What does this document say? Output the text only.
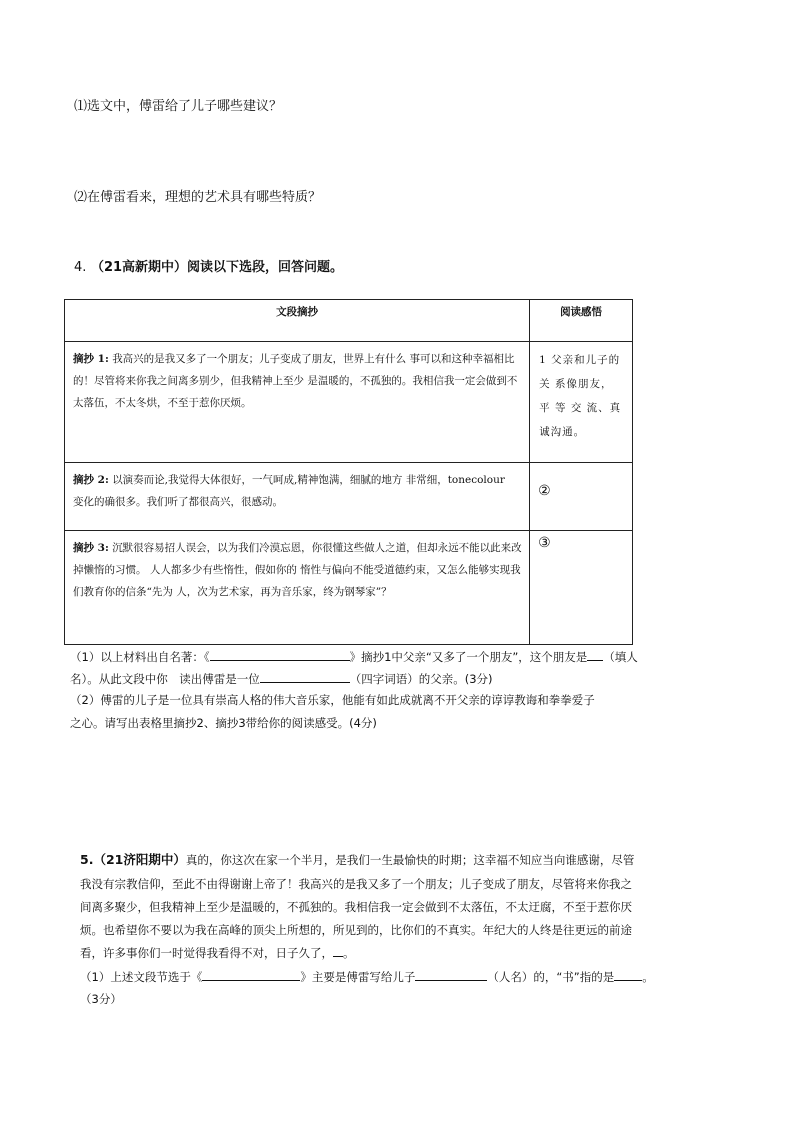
⑴选文中，傅雷给了儿子哪些建议？
⑵在傅雷看来，理想的艺术具有哪些特质？
4. （21高新期中）阅读以下选段，回答问题。
文段摘抄	阅读感悟

摘抄 1: 我高兴的是我又多了一个朋友；儿子变成了朋友，世界上有什么 事可以和这种幸福相比的！尽管将来你我之间离多别少，但我精神上至少 是温暖的，不孤独的。我相信我一定会做到不太落伍，不太冬烘，不至于惹你厌烦。	1 父亲和儿子的关 系像朋友， 平 等 交 流、真诚沟通。

摘抄 2: 以演奏而论,我觉得大体很好，一气呵成,精神饱满，细腻的地方 非常细，tonecolour　变化的确很多。我们听了都很高兴，很感动。	②

摘抄 3: 沉默很容易招人误会，以为我们冷漠忘恩，你很懂这些做人之道，但却永远不能以此来改掉懒惰的习惯。 人人都多少有些惰性，假如你的 惰性与偏向不能受道德约束，又怎么能够实现我们教育你的信条“先为 人，次为艺术家，再为音乐家，终为钢琴家”？	③
（1）以上材料出自名著：《	》摘抄1中父亲“又多了一个朋友”，这个朋友是 （填人
名）。从此文段中你　读出傅雷是一位	（四字词语）的父亲。(3分)
（2）傅雷的儿子是一位具有崇高人格的伟大音乐家，他能有如此成就离不开父亲的谆谆教诲和拳拳爱子
之心。请写出表格里摘抄2、摘抄3带给你的阅读感受。(4分)
5.（21济阳期中）真的，你这次在家一个半月，是我们一生最愉快的时期；这幸福不知应当向谁感谢，尽管
我没有宗教信仰，至此不由得谢谢上帝了！我高兴的是我又多了一个朋友；儿子变成了朋友，尽管将来你我之
间离多聚少，但我精神上至少是温暖的，不孤独的。我相信我一定会做到不太落伍，不太迂腐，不至于惹你厌
烦。也希望你不要以为我在高峰的顶尖上所想的，所见到的，比你们的不真实。年纪大的人终是往更远的前途
看，许多事你们一时觉得我看得不对，日子久了， 。
（1）上述文段节选于《	》主要是傅雷写给儿子	（人名）的，“书”指的是 。
（3分）
